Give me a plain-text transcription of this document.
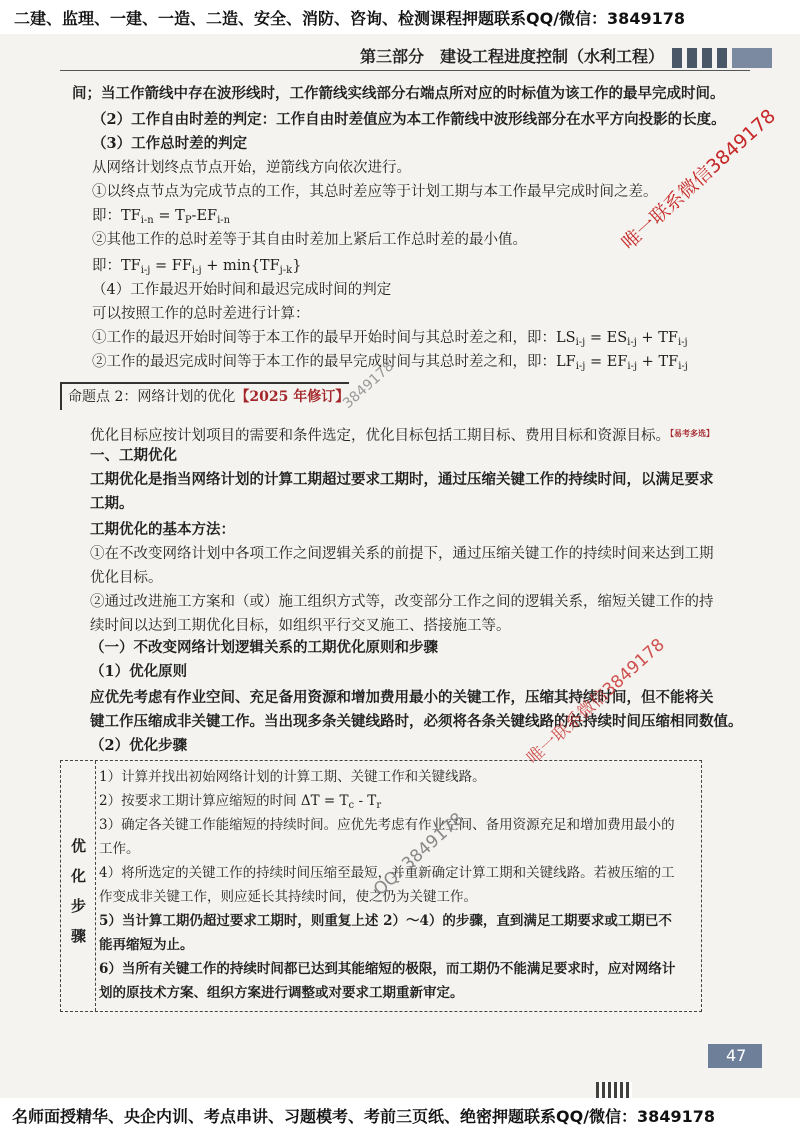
二建、监理、一建、一造、二造、安全、消防、咨询、检测课程押题联系QQ/微信：3849178
第三部分　建设工程进度控制（水利工程）
间；当工作箭线中存在波形线时，工作箭线实线部分右端点所对应的时标值为该工作的最早完成时间。
（2）工作自由时差的判定：工作自由时差值应为本工作箭线中波形线部分在水平方向投影的长度。
（3）工作总时差的判定
从网络计划终点节点开始，逆箭线方向依次进行。
①以终点节点为完成节点的工作，其总时差应等于计划工期与本工作最早完成时间之差。
即：$TF_{i-n} = T_P-EF_{i-n}$
②其他工作的总时差等于其自由时差加上紧后工作总时差的最小值。
即：$TF_{i-j} = FF_{i-j} + \min\{TF_{j-k}\}$
（4）工作最迟开始时间和最迟完成时间的判定
可以按照工作的总时差进行计算：
①工作的最迟开始时间等于本工作的最早开始时间与其总时差之和，即：$LS_{i-j} = ES_{i-j} + TF_{i-j}$
②工作的最迟完成时间等于本工作的最早完成时间与其总时差之和，即：$LF_{i-j} = EF_{i-j} + TF_{i-j}$
命题点 2：网络计划的优化【2025 年修订】
优化目标应按计划项目的需要和条件选定，优化目标包括工期目标、费用目标和资源目标。$^{【易考多选】}$
一、工期优化
工期优化是指当网络计划的计算工期超过要求工期时，通过压缩关键工作的持续时间，以满足要求
工期。
工期优化的基本方法：
①在不改变网络计划中各项工作之间逻辑关系的前提下，通过压缩关键工作的持续时间来达到工期
优化目标。
②通过改进施工方案和（或）施工组织方式等，改变部分工作之间的逻辑关系，缩短关键工作的持
续时间以达到工期优化目标，如组织平行交叉施工、搭接施工等。
（一）不改变网络计划逻辑关系的工期优化原则和步骤
（1）优化原则
应优先考虑有作业空间、充足备用资源和增加费用最小的关键工作，压缩其持续时间，但不能将关
键工作压缩成非关键工作。当出现多条关键线路时，必须将各条关键线路的总持续时间压缩相同数值。
（2）优化步骤
优化步骤
1）计算并找出初始网络计划的计算工期、关键工作和关键线路。
2）按要求工期计算应缩短的时间 $\Delta T = T_c - T_r$
3）确定各关键工作能缩短的持续时间。应优先考虑有作业空间、备用资源充足和增加费用最小的
工作。
4）将所选定的关键工作的持续时间压缩至最短，并重新确定计算工期和关键线路。若被压缩的工
作变成非关键工作，则应延长其持续时间，使之仍为关键工作。
5）当计算工期仍超过要求工期时，则重复上述 2）～4）的步骤，直到满足工期要求或工期已不
能再缩短为止。
6）当所有关键工作的持续时间都已达到其能缩短的极限，而工期仍不能满足要求时，应对网络计
划的原技术方案、组织方案进行调整或对要求工期重新审定。
唯一联系微信3849178
唯一联系微信3849178
QQ: 3849178
3849178
47
名师面授精华、央企内训、考点串讲、习题模考、考前三页纸、绝密押题联系QQ/微信：3849178
